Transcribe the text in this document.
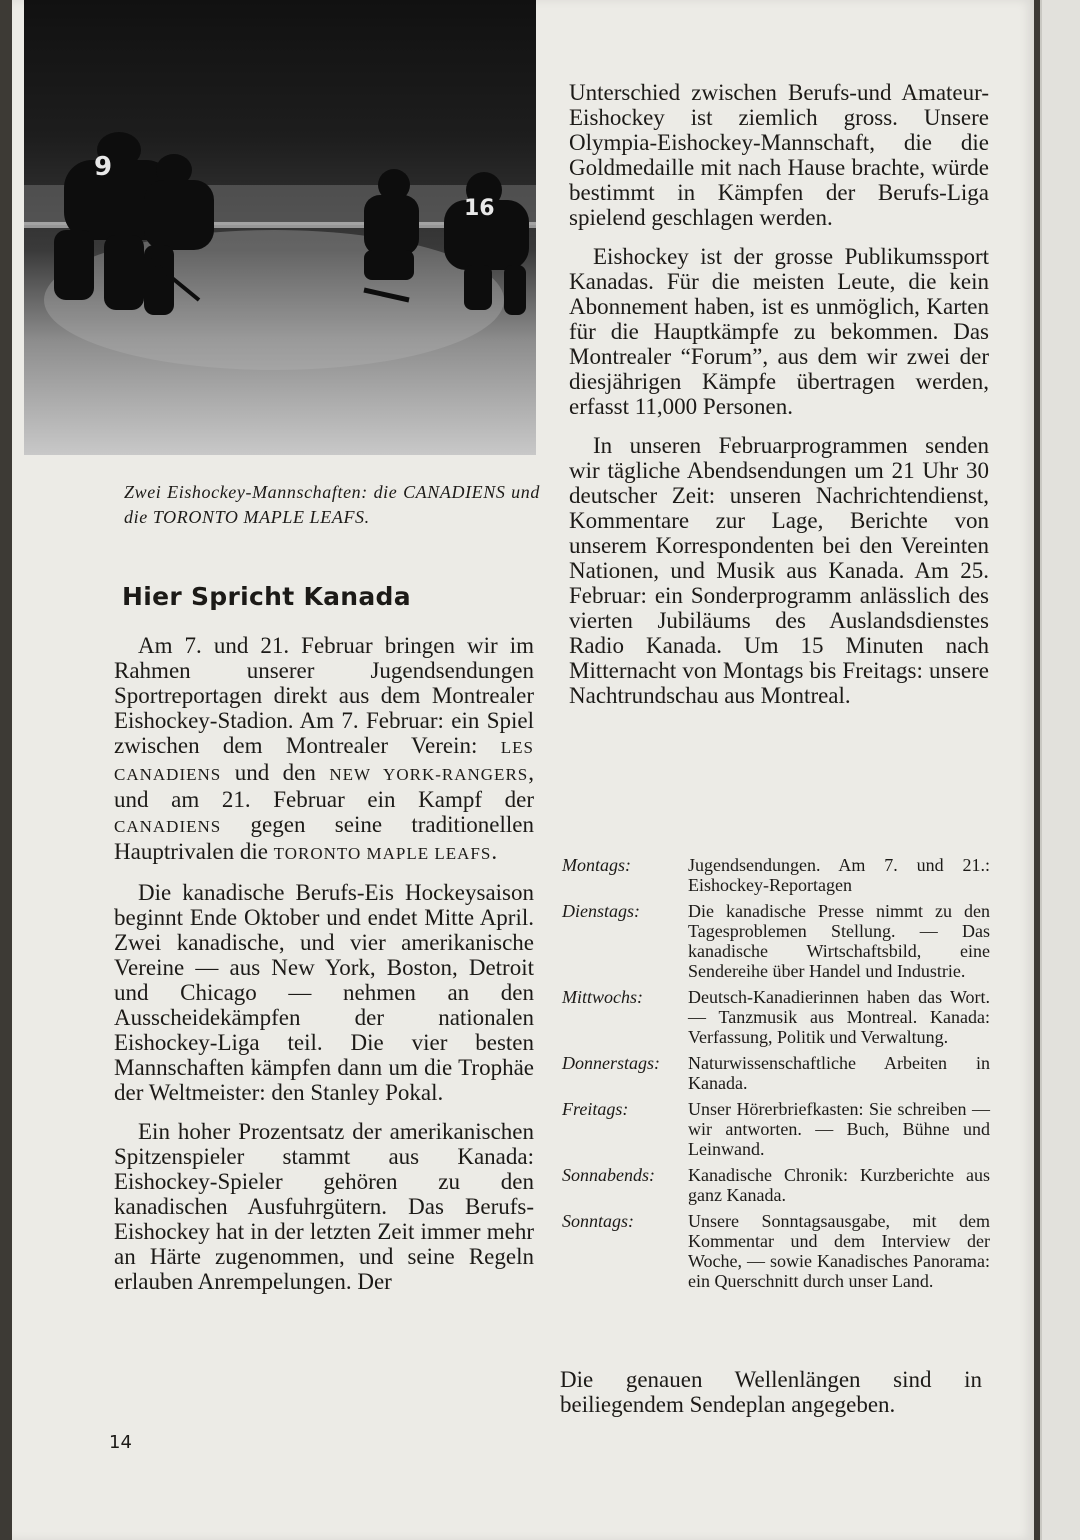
9
16
Zwei Eishockey-Mannschaften: die CANADIENS und die TORONTO MAPLE LEAFS.
Hier Spricht Kanada

Am 7. und 21. Februar bringen wir im Rahmen unserer Jugendsendungen Sportreportagen direkt aus dem Montrealer Eishockey-Stadion. Am 7. Februar: ein Spiel zwischen dem Montrealer Verein: LES CANADIENS und den NEW YORK-RANGERS, und am 21. Februar ein Kampf der CANADIENS gegen seine traditionellen Hauptrivalen die TORONTO MAPLE LEAFS.

Die kanadische Berufs-Eis Hockeysaison beginnt Ende Oktober und endet Mitte April. Zwei kanadische, und vier amerikanische Vereine — aus New York, Boston, Detroit und Chicago — nehmen an den Ausscheidekämpfen der nationalen Eishockey-Liga teil. Die vier besten Mannschaften kämpfen dann um die Trophäe der Weltmeister: den Stanley Pokal.

Ein hoher Prozentsatz der amerikanischen Spitzenspieler stammt aus Kanada: Eishockey-Spieler gehören zu den kanadischen Ausfuhrgütern. Das Berufs-Eishockey hat in der letzten Zeit immer mehr an Härte zugenommen, und seine Regeln erlauben Anrempelungen. Der

Unterschied zwischen Berufs-und Amateur-Eishockey ist ziemlich gross. Unsere Olympia-Eishockey-Mannschaft, die die Goldmedaille mit nach Hause brachte, würde bestimmt in Kämpfen der Berufs-Liga spielend geschlagen werden.

Eishockey ist der grosse Publikumssport Kanadas. Für die meisten Leute, die kein Abonnement haben, ist es unmöglich, Karten für die Hauptkämpfe zu bekommen. Das Montrealer “Forum”, aus dem wir zwei der diesjährigen Kämpfe übertragen werden, erfasst 11,000 Personen.

In unseren Februarprogrammen senden wir tägliche Abendsendungen um 21 Uhr 30 deutscher Zeit: unseren Nachrichtendienst, Kommentare zur Lage, Berichte von unserem Korrespondenten bei den Vereinten Nationen, und Musik aus Kanada. Am 25. Februar: ein Sonderprogramm anlässlich des vierten Jubiläums des Auslandsdienstes Radio Kanada. Um 15 Minuten nach Mitternacht von Montags bis Freitags: unsere Nachtrundschau aus Montreal.

Montags:	Jugendsendungen. Am 7. und 21.: Eishockey-Reportagen
Dienstags:	Die kanadische Presse nimmt zu den Tagesproblemen Stellung. — Das kanadische Wirtschaftsbild, eine Sendereihe über Handel und Industrie.
Mittwochs:	Deutsch-Kanadierinnen haben das Wort. — Tanzmusik aus Montreal. Kanada: Verfassung, Politik und Verwaltung.
Donnerstags:	Naturwissenschaftliche Arbeiten in Kanada.
Freitags:	Unser Hörerbriefkasten: Sie schreiben — wir antworten. — Buch, Bühne und Leinwand.
Sonnabends:	Kanadische Chronik: Kurzberichte aus ganz Kanada.
Sonntags:	Unsere Sonntagsausgabe, mit dem Kommentar und dem Interview der Woche, — sowie Kanadisches Panorama: ein Querschnitt durch unser Land.
Die genauen Wellenlängen sind in beiliegendem Sendeplan angegeben.
14
